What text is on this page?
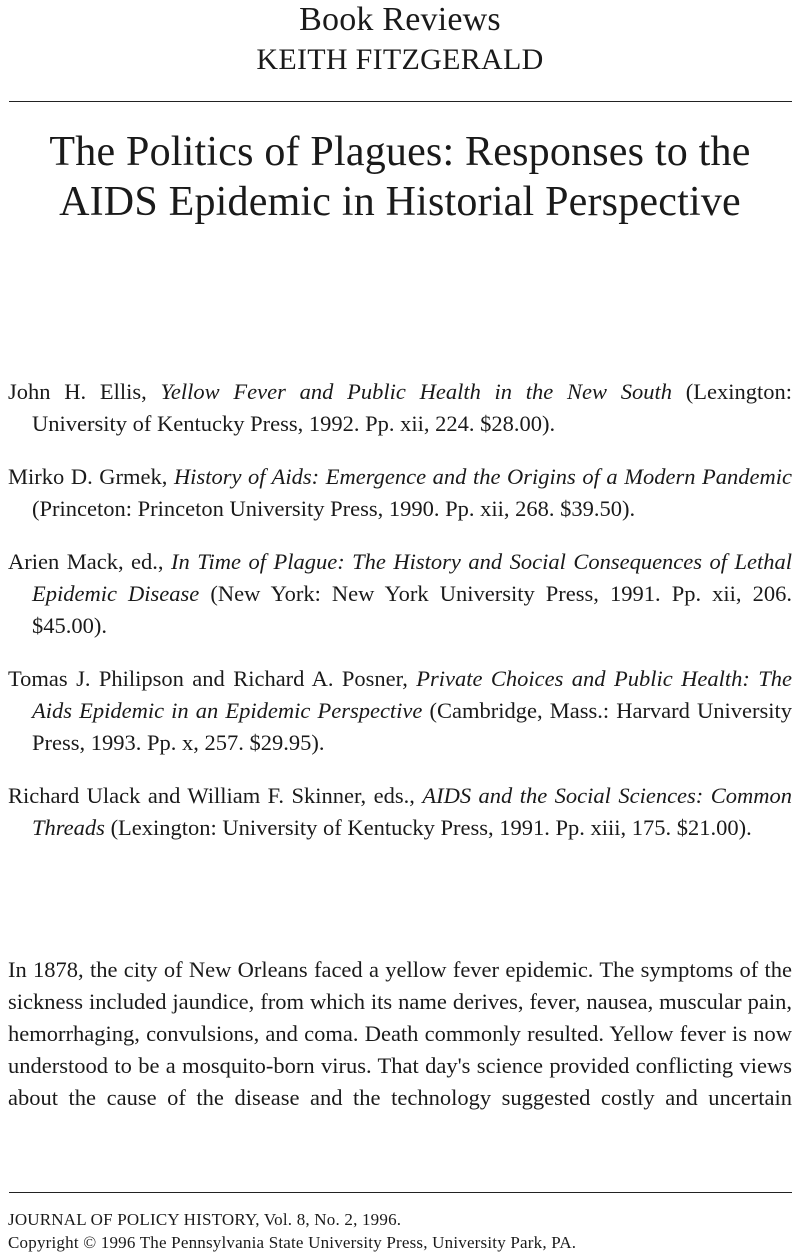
Book Reviews
KEITH FITZGERALD
The Politics of Plagues: Responses to the AIDS Epidemic in Historial Perspective

John H. Ellis, Yellow Fever and Public Health in the New South (Lexington: University of Kentucky Press, 1992. Pp. xii, 224. $28.00).

Mirko D. Grmek, History of Aids: Emergence and the Origins of a Modern Pandemic (Princeton: Princeton University Press, 1990. Pp. xii, 268. $39.50).

Arien Mack, ed., In Time of Plague: The History and Social Consequences of Lethal Epidemic Disease (New York: New York University Press, 1991. Pp. xii, 206. $45.00).

Tomas J. Philipson and Richard A. Posner, Private Choices and Public Health: The Aids Epidemic in an Epidemic Perspective (Cambridge, Mass.: Harvard University Press, 1993. Pp. x, 257. $29.95).

Richard Ulack and William F. Skinner, eds., AIDS and the Social Sciences: Common Threads (Lexington: University of Kentucky Press, 1991. Pp. xiii, 175. $21.00).

In 1878, the city of New Orleans faced a yellow fever epidemic. The symptoms of the sickness included jaundice, from which its name derives, fever, nausea, muscular pain, hemorrhaging, convulsions, and coma. Death commonly resulted. Yellow fever is now understood to be a mosquito-born virus. That day's science provided conflicting views about the cause of the disease and the technology suggested costly and uncertain

JOURNAL OF POLICY HISTORY, Vol. 8, No. 2, 1996.
Copyright © 1996 The Pennsylvania State University Press, University Park, PA.
